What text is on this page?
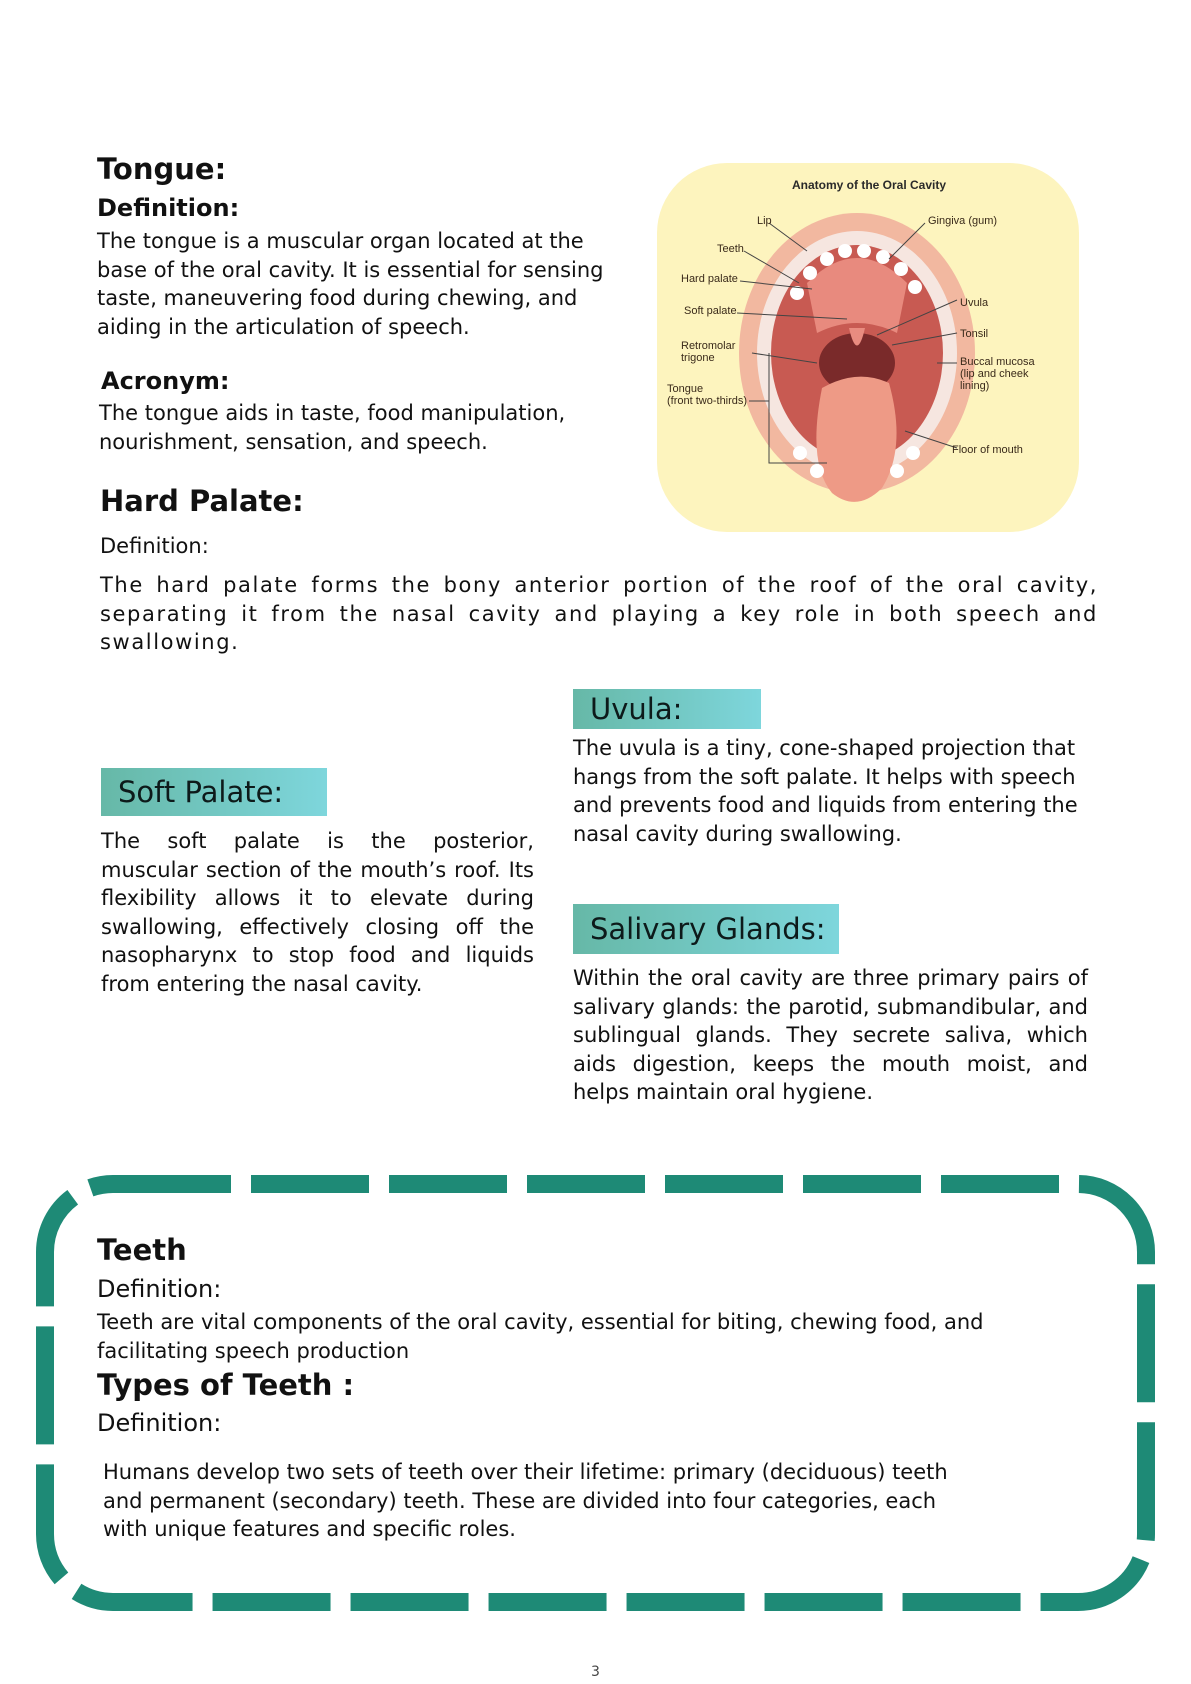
Tongue:
Definition:

The tongue is a muscular organ located at the base of the oral cavity. It is essential for sensing taste, maneuvering food during chewing, and aiding in the articulation of speech.

Acronym:

The tongue aids in taste, food manipulation, nourishment, sensation, and speech.

Anatomy of the Oral Cavity
Lip	Gingiva (gum)
Teeth
Hard palate
Soft palate
Uvula
Tonsil
Retromolar
trigone	Buccal mucosa
(lip and cheek
lining)
Tongue
(front two-thirds)
Floor of mouth
Hard Palate:

Definition:

The hard palate forms the bony anterior portion of the roof of the oral cavity, separating it from the nasal cavity and playing a key role in both speech and swallowing.

Uvula:

The uvula is a tiny, cone-shaped projection that hangs from the soft palate. It helps with speech and prevents food and liquids from entering the nasal cavity during swallowing.

Soft Palate:

The soft palate is the posterior, muscular section of the mouth’s roof. Its flexibility allows it to elevate during swallowing, effectively closing off the nasopharynx to stop food and liquids from entering the nasal cavity.

Salivary Glands:

Within the oral cavity are three primary pairs of salivary glands: the parotid, submandibular, and sublingual glands. They secrete saliva, which aids digestion, keeps the mouth moist, and helps maintain oral hygiene.

Teeth

Definition:

Teeth are vital components of the oral cavity, essential for biting, chewing food, and facilitating speech production

Types of Teeth :

Definition:

Humans develop two sets of teeth over their lifetime: primary (deciduous) teeth and permanent (secondary) teeth. These are divided into four categories, each with unique features and specific roles.

3
